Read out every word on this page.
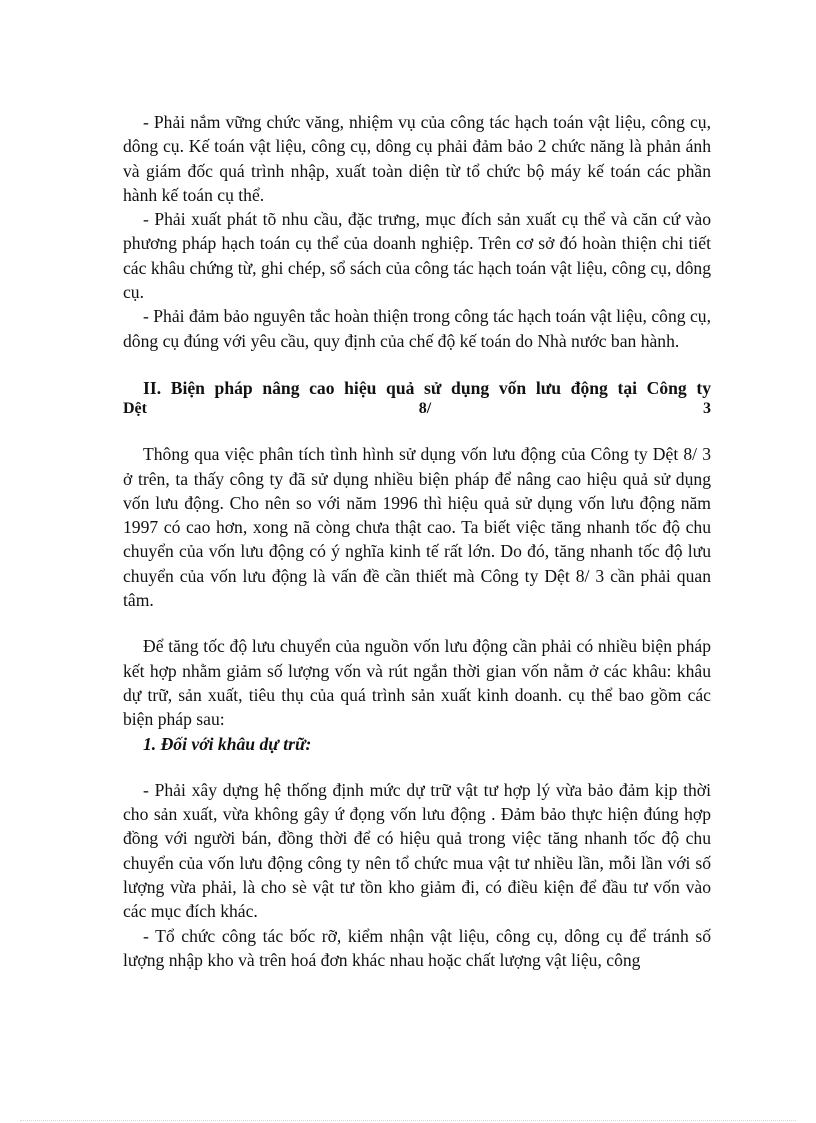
- Phải nắm vững chức văng, nhiệm vụ của công tác hạch toán vật liệu, công cụ, dông cụ. Kế toán vật liệu, công cụ, dông cụ phải đảm bảo 2 chức năng là phản ánh và giám đốc quá trình nhập, xuất toàn diện từ tổ chức bộ máy kế toán các phần hành kế toán cụ thể.

- Phải xuất phát tõ nhu cầu, đặc trưng, mục đích sản xuất cụ thể và căn cứ vào phương pháp hạch toán cụ thể của doanh nghiệp. Trên cơ sở đó hoàn thiện chi tiết các khâu chứng từ, ghi chép, sổ sách của công tác hạch toán vật liệu, công cụ, dông cụ.

- Phải đảm bảo nguyên tắc hoàn thiện trong công tác hạch toán vật liệu, công cụ, dông cụ đúng với yêu cầu, quy định của chế độ kế toán do Nhà nước ban hành.

II. Biện pháp nâng cao hiệu quả sử dụng vốn lưu động tại Công ty

Dệt	8/	3

Thông qua việc phân tích tình hình sử dụng vốn lưu động của Công ty Dệt 8/ 3 ở trên, ta thấy công ty đã sử dụng nhiều biện pháp để nâng cao hiệu quả sử dụng vốn lưu động. Cho nên so với năm 1996 thì hiệu quả sử dụng vốn lưu động năm 1997 có cao hơn, xong nã còng chưa thật cao. Ta biết việc tăng nhanh tốc độ chu chuyển của vốn lưu động có ý nghĩa kinh tế rất lớn. Do đó, tăng nhanh tốc độ lưu chuyển của vốn lưu động là vấn đề cần thiết mà Công ty Dệt 8/ 3 cần phải quan tâm.

Để tăng tốc độ lưu chuyển của nguồn vốn lưu động cần phải có nhiều biện pháp kết hợp nhằm giảm số lượng vốn và rút ngắn thời gian vốn nằm ở các khâu: khâu dự trữ, sản xuất, tiêu thụ của quá trình sản xuất kinh doanh. cụ thể bao gồm các biện pháp sau:

1. Đối với khâu dự trữ:

- Phải xây dựng hệ thống định mức dự trữ vật tư hợp lý vừa bảo đảm kịp thời cho sản xuất, vừa không gây ứ đọng vốn lưu động . Đảm bảo thực hiện đúng hợp đồng với người bán, đồng thời để có hiệu quả trong việc tăng nhanh tốc độ chu chuyển của vốn lưu động công ty nên tổ chức mua vật tư nhiều lần, mỗi lần với số lượng vừa phải, là cho sè vật tư tồn kho giảm đi, có điều kiện để đầu tư vốn vào các mục đích khác.

- Tổ chức công tác bốc rỡ, kiểm nhận vật liệu, công cụ, dông cụ để tránh số lượng nhập kho và trên hoá đơn khác nhau hoặc chất lượng vật liệu, công
